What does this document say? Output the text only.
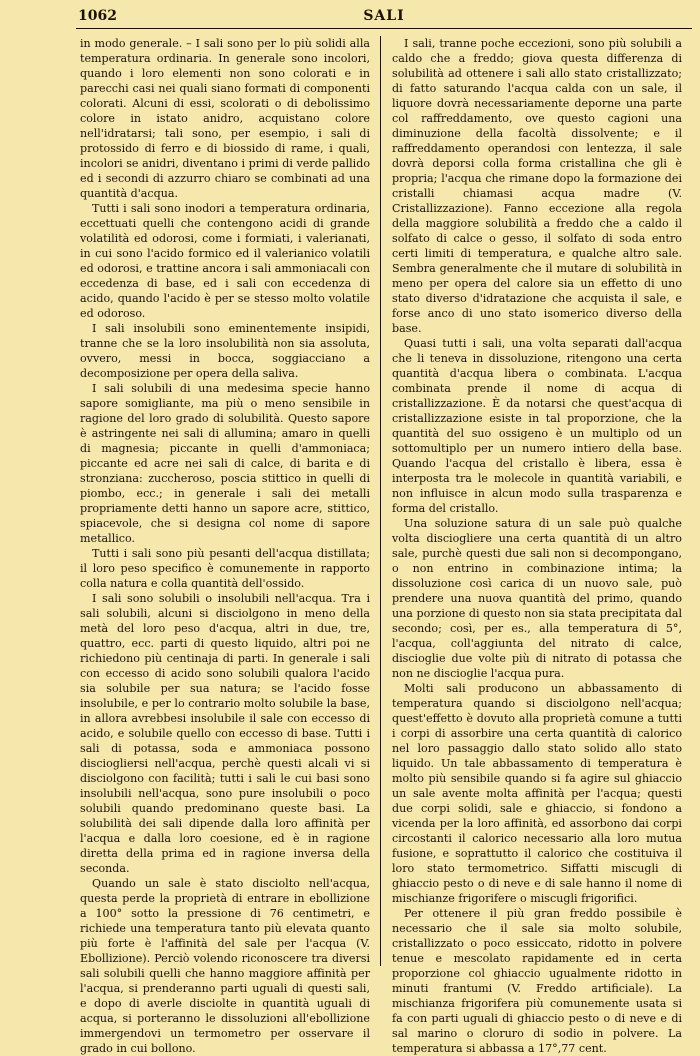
1062	SALI

in modo generale. – I sali sono per lo più solidi alla temperatura ordinaria. In generale sono incolori, quando i loro elementi non sono colorati e in parecchi casi nei quali siano formati di componenti colorati. Alcuni di essi, scolorati o di debolissimo colore in istato anidro, acquistano colore nell'idratarsi; tali sono, per esempio, i sali di protossido di ferro e di biossido di rame, i quali, incolori se anidri, diventano i primi di verde pallido ed i secondi di azzurro chiaro se combinati ad una quantità d'acqua.

Tutti i sali sono inodori a temperatura ordinaria, eccettuati quelli che contengono acidi di grande volatilità ed odorosi, come i formiati, i valerianati, in cui sono l'acido formico ed il valerianico volatili ed odorosi, e trattine ancora i sali ammoniacali con eccedenza di base, ed i sali con eccedenza di acido, quando l'acido è per se stesso molto volatile ed odoroso.

I sali insolubili sono eminentemente insipidi, tranne che se la loro insolubilità non sia assoluta, ovvero, messi in bocca, soggiacciano a decomposizione per opera della saliva.

I sali solubili di una medesima specie hanno sapore somigliante, ma più o meno sensibile in ragione del loro grado di solubilità. Questo sapore è astringente nei sali di allumina; amaro in quelli di magnesia; piccante in quelli d'ammoniaca; piccante ed acre nei sali di calce, di barita e di stronziana: zuccheroso, poscia stittico in quelli di piombo, ecc.; in generale i sali dei metalli propriamente detti hanno un sapore acre, stittico, spiacevole, che si designa col nome di sapore metallico.

Tutti i sali sono più pesanti dell'acqua distillata; il loro peso specifico è comunemente in rapporto colla natura e colla quantità dell'ossido.

I sali sono solubili o insolubili nell'acqua. Tra i sali solubili, alcuni si disciolgono in meno della metà del loro peso d'acqua, altri in due, tre, quattro, ecc. parti di questo liquido, altri poi ne richiedono più centinaja di parti. In generale i sali con eccesso di acido sono solubili qualora l'acido sia solubile per sua natura; se l'acido fosse insolubile, e per lo contrario molto solubile la base, in allora avrebbesi insolubile il sale con eccesso di acido, e solubile quello con eccesso di base. Tutti i sali di potassa, soda e ammoniaca possono disciogliersi nell'acqua, perchè questi alcali vi si disciolgono con facilità; tutti i sali le cui basi sono insolubili nell'acqua, sono pure insolubili o poco solubili quando predominano queste basi. La solubilità dei sali dipende dalla loro affinità per l'acqua e dalla loro coesione, ed è in ragione diretta della prima ed in ragione inversa della seconda.

Quando un sale è stato disciolto nell'acqua, questa perde la proprietà di entrare in ebollizione a 100° sotto la pressione di 76 centimetri, e richiede una temperatura tanto più elevata quanto più forte è l'affinità del sale per l'acqua (V. Ebollizione). Perciò volendo riconoscere tra diversi sali solubili quelli che hanno maggiore affinità per l'acqua, si prenderanno parti uguali di questi sali, e dopo di averle disciolte in quantità uguali di acqua, si porteranno le dissoluzioni all'ebollizione immergendovi un termometro per osservare il grado in cui bollono.

I sali, tranne poche eccezioni, sono più solubili a caldo che a freddo; giova questa differenza di solubilità ad ottenere i sali allo stato cristallizzato; di fatto saturando l'acqua calda con un sale, il liquore dovrà necessariamente deporne una parte col raffreddamento, ove questo cagioni una diminuzione della facoltà dissolvente; e il raffreddamento operandosi con lentezza, il sale dovrà deporsi colla forma cristallina che gli è propria; l'acqua che rimane dopo la formazione dei cristalli chiamasi acqua madre (V. Cristallizzazione). Fanno eccezione alla regola della maggiore solubilità a freddo che a caldo il solfato di calce o gesso, il solfato di soda entro certi limiti di temperatura, e qualche altro sale. Sembra generalmente che il mutare di solubilità in meno per opera del calore sia un effetto di uno stato diverso d'idratazione che acquista il sale, e forse anco di uno stato isomerico diverso della base.

Quasi tutti i sali, una volta separati dall'acqua che li teneva in dissoluzione, ritengono una certa quantità d'acqua libera o combinata. L'acqua combinata prende il nome di acqua di cristallizzazione. È da notarsi che quest'acqua di cristallizzazione esiste in tal proporzione, che la quantità del suo ossigeno è un multiplo od un sottomultiplo per un numero intiero della base. Quando l'acqua del cristallo è libera, essa è interposta tra le molecole in quantità variabili, e non influisce in alcun modo sulla trasparenza e forma del cristallo.

Una soluzione satura di un sale può qualche volta disciogliere una certa quantità di un altro sale, purchè questi due sali non si decompongano, o non entrino in combinazione intima; la dissoluzione così carica di un nuovo sale, può prendere una nuova quantità del primo, quando una porzione di questo non sia stata precipitata dal secondo; così, per es., alla temperatura di 5°, l'acqua, coll'aggiunta del nitrato di calce, discioglie due volte più di nitrato di potassa che non ne discioglie l'acqua pura.

Molti sali producono un abbassamento di temperatura quando si disciolgono nell'acqua; quest'effetto è dovuto alla proprietà comune a tutti i corpi di assorbire una certa quantità di calorico nel loro passaggio dallo stato solido allo stato liquido. Un tale abbassamento di temperatura è molto più sensibile quando si fa agire sul ghiaccio un sale avente molta affinità per l'acqua; questi due corpi solidi, sale e ghiaccio, si fondono a vicenda per la loro affinità, ed assorbono dai corpi circostanti il calorico necessario alla loro mutua fusione, e soprattutto il calorico che costituiva il loro stato termometrico. Siffatti miscugli di ghiaccio pesto o di neve e di sale hanno il nome di mischianze frigorifere o miscugli frigorifici.

Per ottenere il più gran freddo possibile è necessario che il sale sia molto solubile, cristallizzato o poco essiccato, ridotto in polvere tenue e mescolato rapidamente ed in certa proporzione col ghiaccio ugualmente ridotto in minuti frantumi (V. Freddo artificiale). La mischianza frigorifera più comunemente usata si fa con parti uguali di ghiaccio pesto o di neve e di sal marino o cloruro di sodio in polvere. La temperatura si abbassa a 17°,77 cent.
